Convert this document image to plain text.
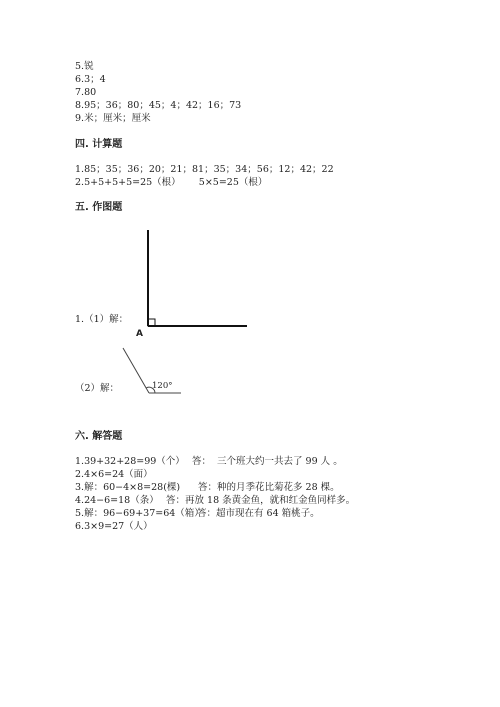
5.锐
6.3；4
7.80
8.95；36；80；45；4；42；16；73
9.米；厘米；厘米
四. 计算题
1.85；35；36；20；21；81；35；34；56；12；42；22
2.5+5+5+5=25（根）      5×5=25（根）
五. 作图题
1.（1）解：
A
（2）解：	120°
六. 解答题
1.39+32+28=99（个） 答：  三个班大约一共去了 99 人 。
2.4×6=24（面）
3.解：60−4×8=28(棵) 答：种的月季花比菊花多 28 棵。
4.24−6=18（条） 答：再放 18 条黄金鱼，就和红金鱼同样多。
5.解：96−69+37=64（箱）
答：超市现在有 64 箱桃子。
6.3×9=27（人）
